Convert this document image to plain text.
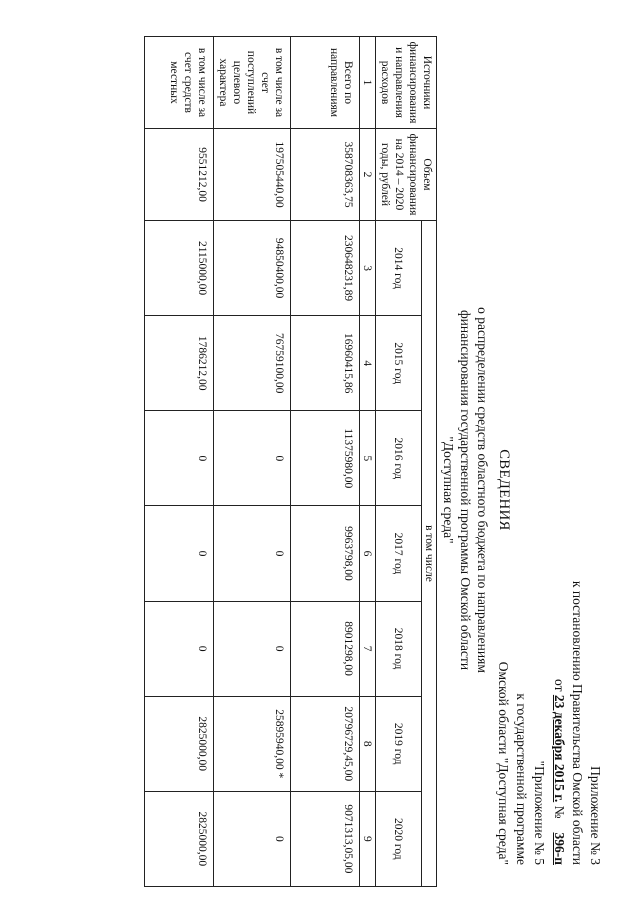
Приложение № 3
к постановлению Правительства Омской области
от 23 декабря 2015 г. №396-п
"Приложение № 5
к государственной программе
Омской области "Доступная среда"
СВЕДЕНИЯ
о распределении средств областного бюджета по направлениям
финансирования государственной программы Омской области
"Доступная среда"
Источники финансирования и направления расходов	Объем финансирования на 2014 – 2020 годы, рублей	в том числе						
		2014 год	2015 год	2016 год	2017 год	2018 год	2019 год	2020 год
1	2	3	4	5	6	7	8	9
Всего по направлениям	358708363,75	230648231,89	16960415,86	11375980,00	9963798,00	8901298,00	20796729,45,00	9071313,05,00
в том числе за счет поступлений целевого характера	197505440,00	94850400,00	76759100,00	0	0	0	25895940,00 *	0
в том числе за счет средств местных	9551212,00	2115000,00	1786212,00	0	0	0	2825000,00	2825000,00
